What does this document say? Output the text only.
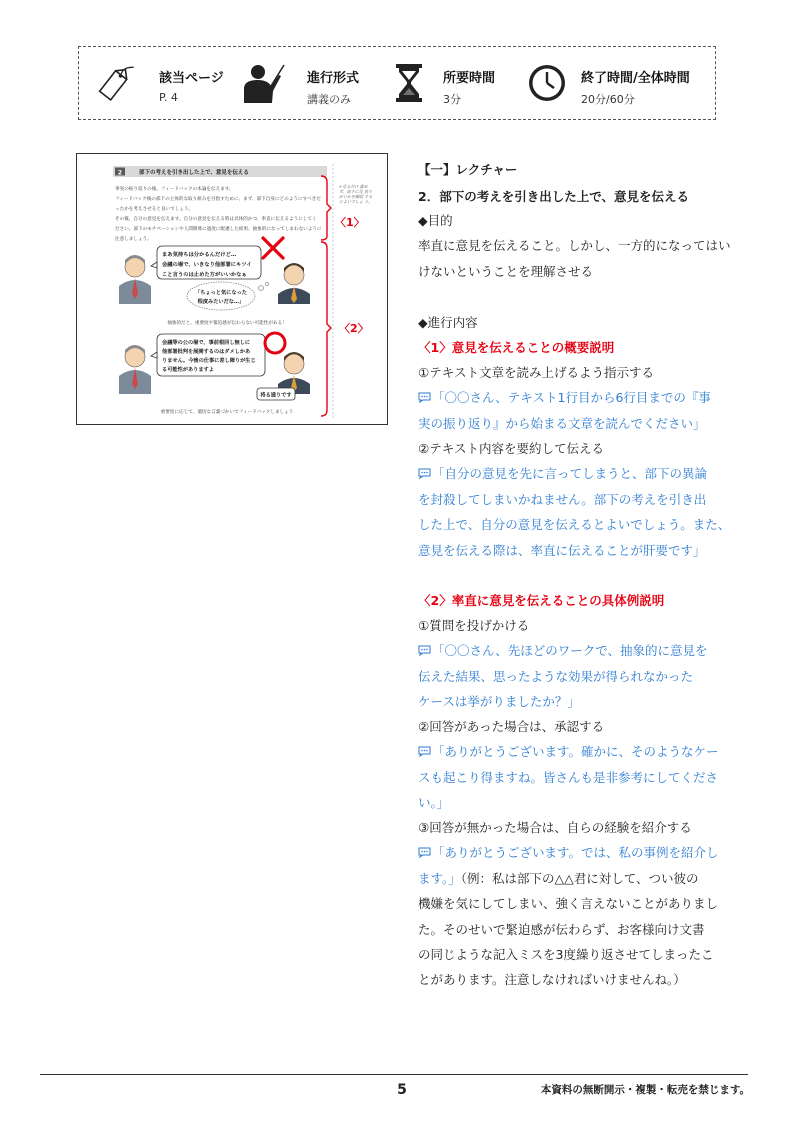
該当ページ
P. 4
進行形式
講義のみ
所要時間
3分
終了時間/全体時間
20分/60分
2	部下の考えを引き出した上で、意見を伝える
事実の振り返りの後、フィードバックの本論を伝えます。
フィードバック後の部下の主体的な取り組みを目指すために、まず、部下自身にどのようにすべきだ
ったかを考えさせると良いでしょう。
その後、自分の意見を伝えます。自分の意見を伝える時は具体的かつ、率直に伝えるようにしてく
ださい。部下のモチベーションや人間関係に過度に配慮した結果、抽象的になってしまわないように
注意しましょう。
✔見るだけ 誰せず、部下に見 直りがいかを確認 するとよいでしょ う。
〈1〉
〈2〉
まあ気持ちは分かるんだけど…
会議の場で、いきなり他部署にキツイ
こと言うのは止めた方がいいかなぁ
「ちょっと気になった
程度みたいだな…」
抽象的だと、重要度や緊迫感が伝わらない可能性がある！
会議等の公の場で、事前根回し無しに
他部署批判を展開するのはダメしかあ
りません。今後の仕事に差し障りが生じ
る可能性がありますよ
将る通りです
重要度に応じて、適切な言葉づかいでフィードバックしましょう
【一】レクチャー
2．部下の考えを引き出した上で、意見を伝える
◆目的
率直に意見を伝えること。しかし、一方的になってはい
けないということを理解させる
◆進行内容
〈1〉意見を伝えることの概要説明
①テキスト文章を読み上げるよう指示する
「〇〇さん、テキスト1行目から6行目までの『事
実の振り返り』から始まる文章を読んでください」
②テキスト内容を要約して伝える
「自分の意見を先に言ってしまうと、部下の異論
を封殺してしまいかねません。部下の考えを引き出
した上で、自分の意見を伝えるとよいでしょう。また、
意見を伝える際は、率直に伝えることが肝要です」
〈2〉率直に意見を伝えることの具体例説明
①質問を投げかける
「〇〇さん、先ほどのワークで、抽象的に意見を
伝えた結果、思ったような効果が得られなかった
ケースは挙がりましたか？」
②回答があった場合は、承認する
「ありがとうございます。確かに、そのようなケー
スも起こり得ますね。皆さんも是非参考にしてくださ
い。」
③回答が無かった場合は、自らの経験を紹介する
「ありがとうございます。では、私の事例を紹介し
ます。」（例：私は部下の△△君に対して、つい彼の
機嫌を気にしてしまい、強く言えないことがありまし
た。そのせいで緊迫感が伝わらず、お客様向け文書
の同じような記入ミスを3度繰り返させてしまったこ
とがあります。注意しなければいけませんね。）
5	本資料の無断開示・複製・転売を禁じます。
